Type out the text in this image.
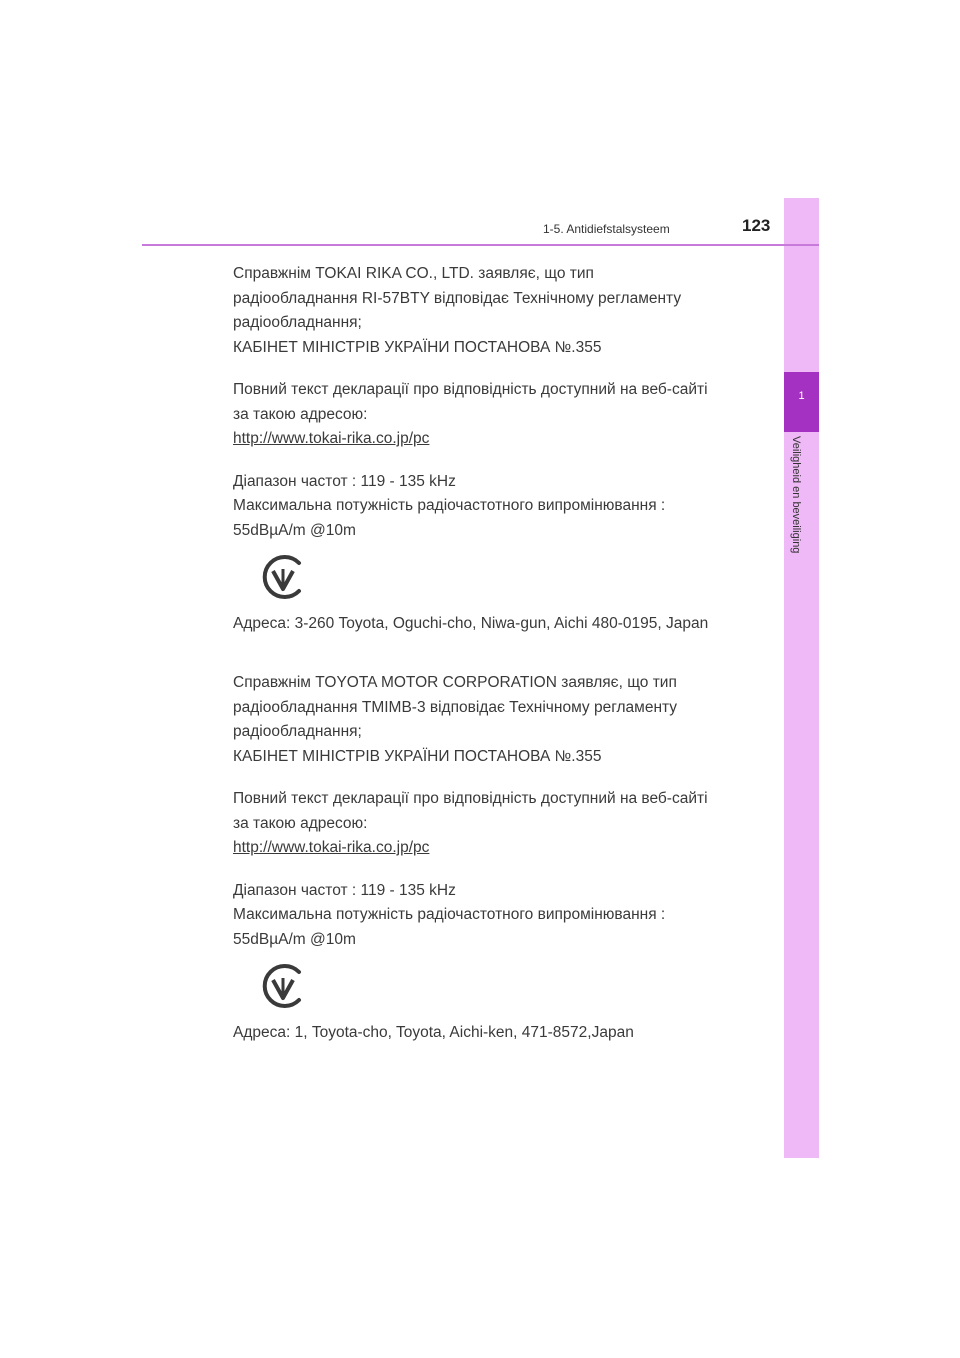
1
Veiligheid en beveiliging
1-5. Antidiefstalsysteem	123
Справжнім TOKAI RIKA CO., LTD. заявляє, що тип
радіообладнання RI-57BTY відповідає Технічному регламенту
радіообладнання;
КАБІНЕТ МІНІСТРІВ УКРАЇНИ ПОСТАНОВА №.355
Повний текст декларації про відповідність доступний на веб-сайті
за такою адресою:
http://www.tokai-rika.co.jp/pc
Діапазон частот : 119 - 135 kHz
Максимальна потужність радіочастотного випромінювання :
55dBµA/m @10m
Адреса: 3-260 Toyota, Oguchi-cho, Niwa-gun, Aichi 480-0195, Japan
Справжнім TOYOTA MOTOR CORPORATION заявляє, що тип
радіообладнання TMIMB-3 відповідає Технічному регламенту
радіообладнання;
КАБІНЕТ МІНІСТРІВ УКРАЇНИ ПОСТАНОВА №.355
Повний текст декларації про відповідність доступний на веб-сайті
за такою адресою:
http://www.tokai-rika.co.jp/pc
Діапазон частот : 119 - 135 kHz
Максимальна потужність радіочастотного випромінювання :
55dBµA/m @10m
Адреса: 1, Toyota-cho, Toyota, Aichi-ken, 471-8572,Japan
